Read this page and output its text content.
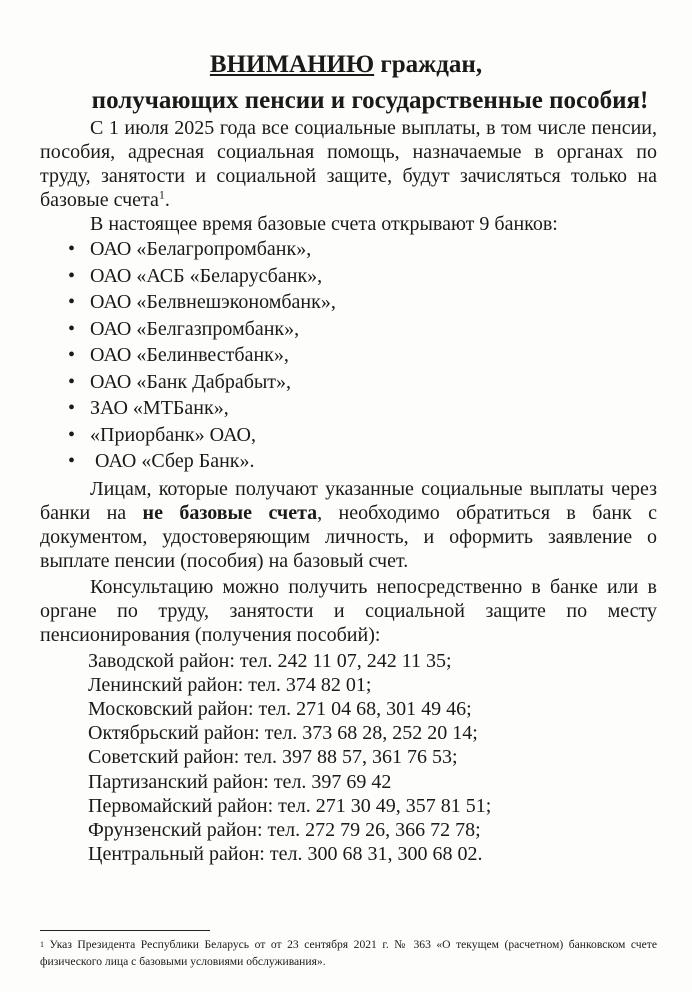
ВНИМАНИЮ граждан,
получающих пенсии и государственные пособия!

С 1 июля 2025 года все социальные выплаты, в том числе пенсии, пособия, адресная социальная помощь, назначаемые в органах по труду, занятости и социальной защите, будут зачисляться только на базовые счета$^1$.

В настоящее время базовые счета открывают 9 банков:

• ОАО «Белагропромбанк»,
• ОАО «АСБ «Беларусбанк»,
• ОАО «Белвнешэкономбанк»,
• ОАО «Белгазпромбанк»,
• ОАО «Белинвестбанк»,
• ОАО «Банк Дабрабыт»,
• ЗАО «МТБанк»,
• «Приорбанк» ОАО,
•  ОАО «Сбер Банк».

Лицам, которые получают указанные социальные выплаты через банки на не базовые счета, необходимо обратиться в банк с документом, удостоверяющим личность, и оформить заявление о выплате пенсии (пособия) на базовый счет.

Консультацию можно получить непосредственно в банке или в органе по труду, занятости и социальной защите по месту пенсионирования (получения пособий):

Заводской район: тел. 242 11 07, 242 11 35;
Ленинский район: тел. 374 82 01;
Московский район: тел. 271 04 68, 301 49 46;
Октябрьский район: тел. 373 68 28, 252 20 14;
Советский район: тел. 397 88 57, 361 76 53;
Партизанский район: тел. 397 69 42
Первомайский район: тел. 271 30 49, 357 81 51;
Фрунзенский район: тел. 272 79 26, 366 72 78;
Центральный район: тел. 300 68 31, 300 68 02.
$^1$ Указ Президента Республики Беларусь от от 23 сентября 2021 г. № 363 «О текущем (расчетном) банковском счете физического лица с базовыми условиями обслуживания».
